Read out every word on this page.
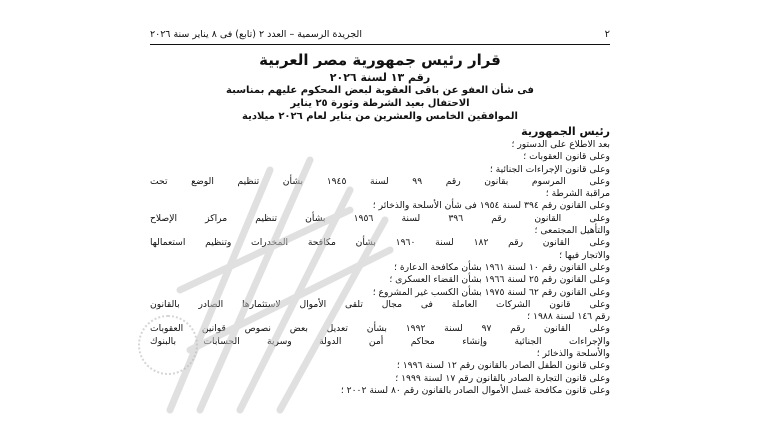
٢
الجريدة الرسمية – العدد ٢ (تابع) فى ٨ يناير سنة ٢٠٢٦

قرار رئيس جمهورية مصر العربية

رقم ١٣ لسنة ٢٠٢٦

فى شأن العفو عن باقى العقوبة لبعض المحكوم عليهم بمناسبة

الاحتفال بعيد الشرطة وثورة ٢٥ يناير

الموافقين الخامس والعشرين من يناير لعام ٢٠٢٦ ميلادية

رئيس الجمهورية
بعد الاطلاع على الدستور ؛
وعلى قانون العقوبات ؛
وعلى قانون الإجراءات الجنائية ؛
وعلى المرسوم بقانون رقم ٩٩ لسنة ١٩٤٥ بشأن تنظيم الوضع تحت
مراقبة الشرطة ؛
وعلى القانون رقم ٣٩٤ لسنة ١٩٥٤ فى شأن الأسلحة والذخائر ؛
وعلى القانون رقم ٣٩٦ لسنة ١٩٥٦ بشأن تنظيم مراكز الإصلاح
والتأهيل المجتمعى ؛
وعلى القانون رقم ١٨٢ لسنة ١٩٦٠ بشأن مكافحة المخدرات وتنظيم استعمالها
والاتجار فيها ؛
وعلى القانون رقم ١٠ لسنة ١٩٦١ بشأن مكافحة الدعارة ؛
وعلى القانون رقم ٢٥ لسنة ١٩٦٦ بشأن القضاء العسكرى ؛
وعلى القانون رقم ٦٢ لسنة ١٩٧٥ بشأن الكسب غير المشروع ؛
وعلى قانون الشركات العاملة فى مجال تلقى الأموال لاستثمارها الصادر بالقانون
رقم ١٤٦ لسنة ١٩٨٨ ؛
وعلى القانون رقم ٩٧ لسنة ١٩٩٢ بشأن تعديل بعض نصوص قوانين العقوبات
والإجراءات الجنائية وإنشاء محاكم أمن الدولة وسرية الحسابات بالبنوك
والأسلحة والذخائر ؛
وعلى قانون الطفل الصادر بالقانون رقم ١٢ لسنة ١٩٩٦ ؛
وعلى قانون التجارة الصادر بالقانون رقم ١٧ لسنة ١٩٩٩ ؛
وعلى قانون مكافحة غسل الأموال الصادر بالقانون رقم ٨٠ لسنة ٢٠٠٢ ؛
